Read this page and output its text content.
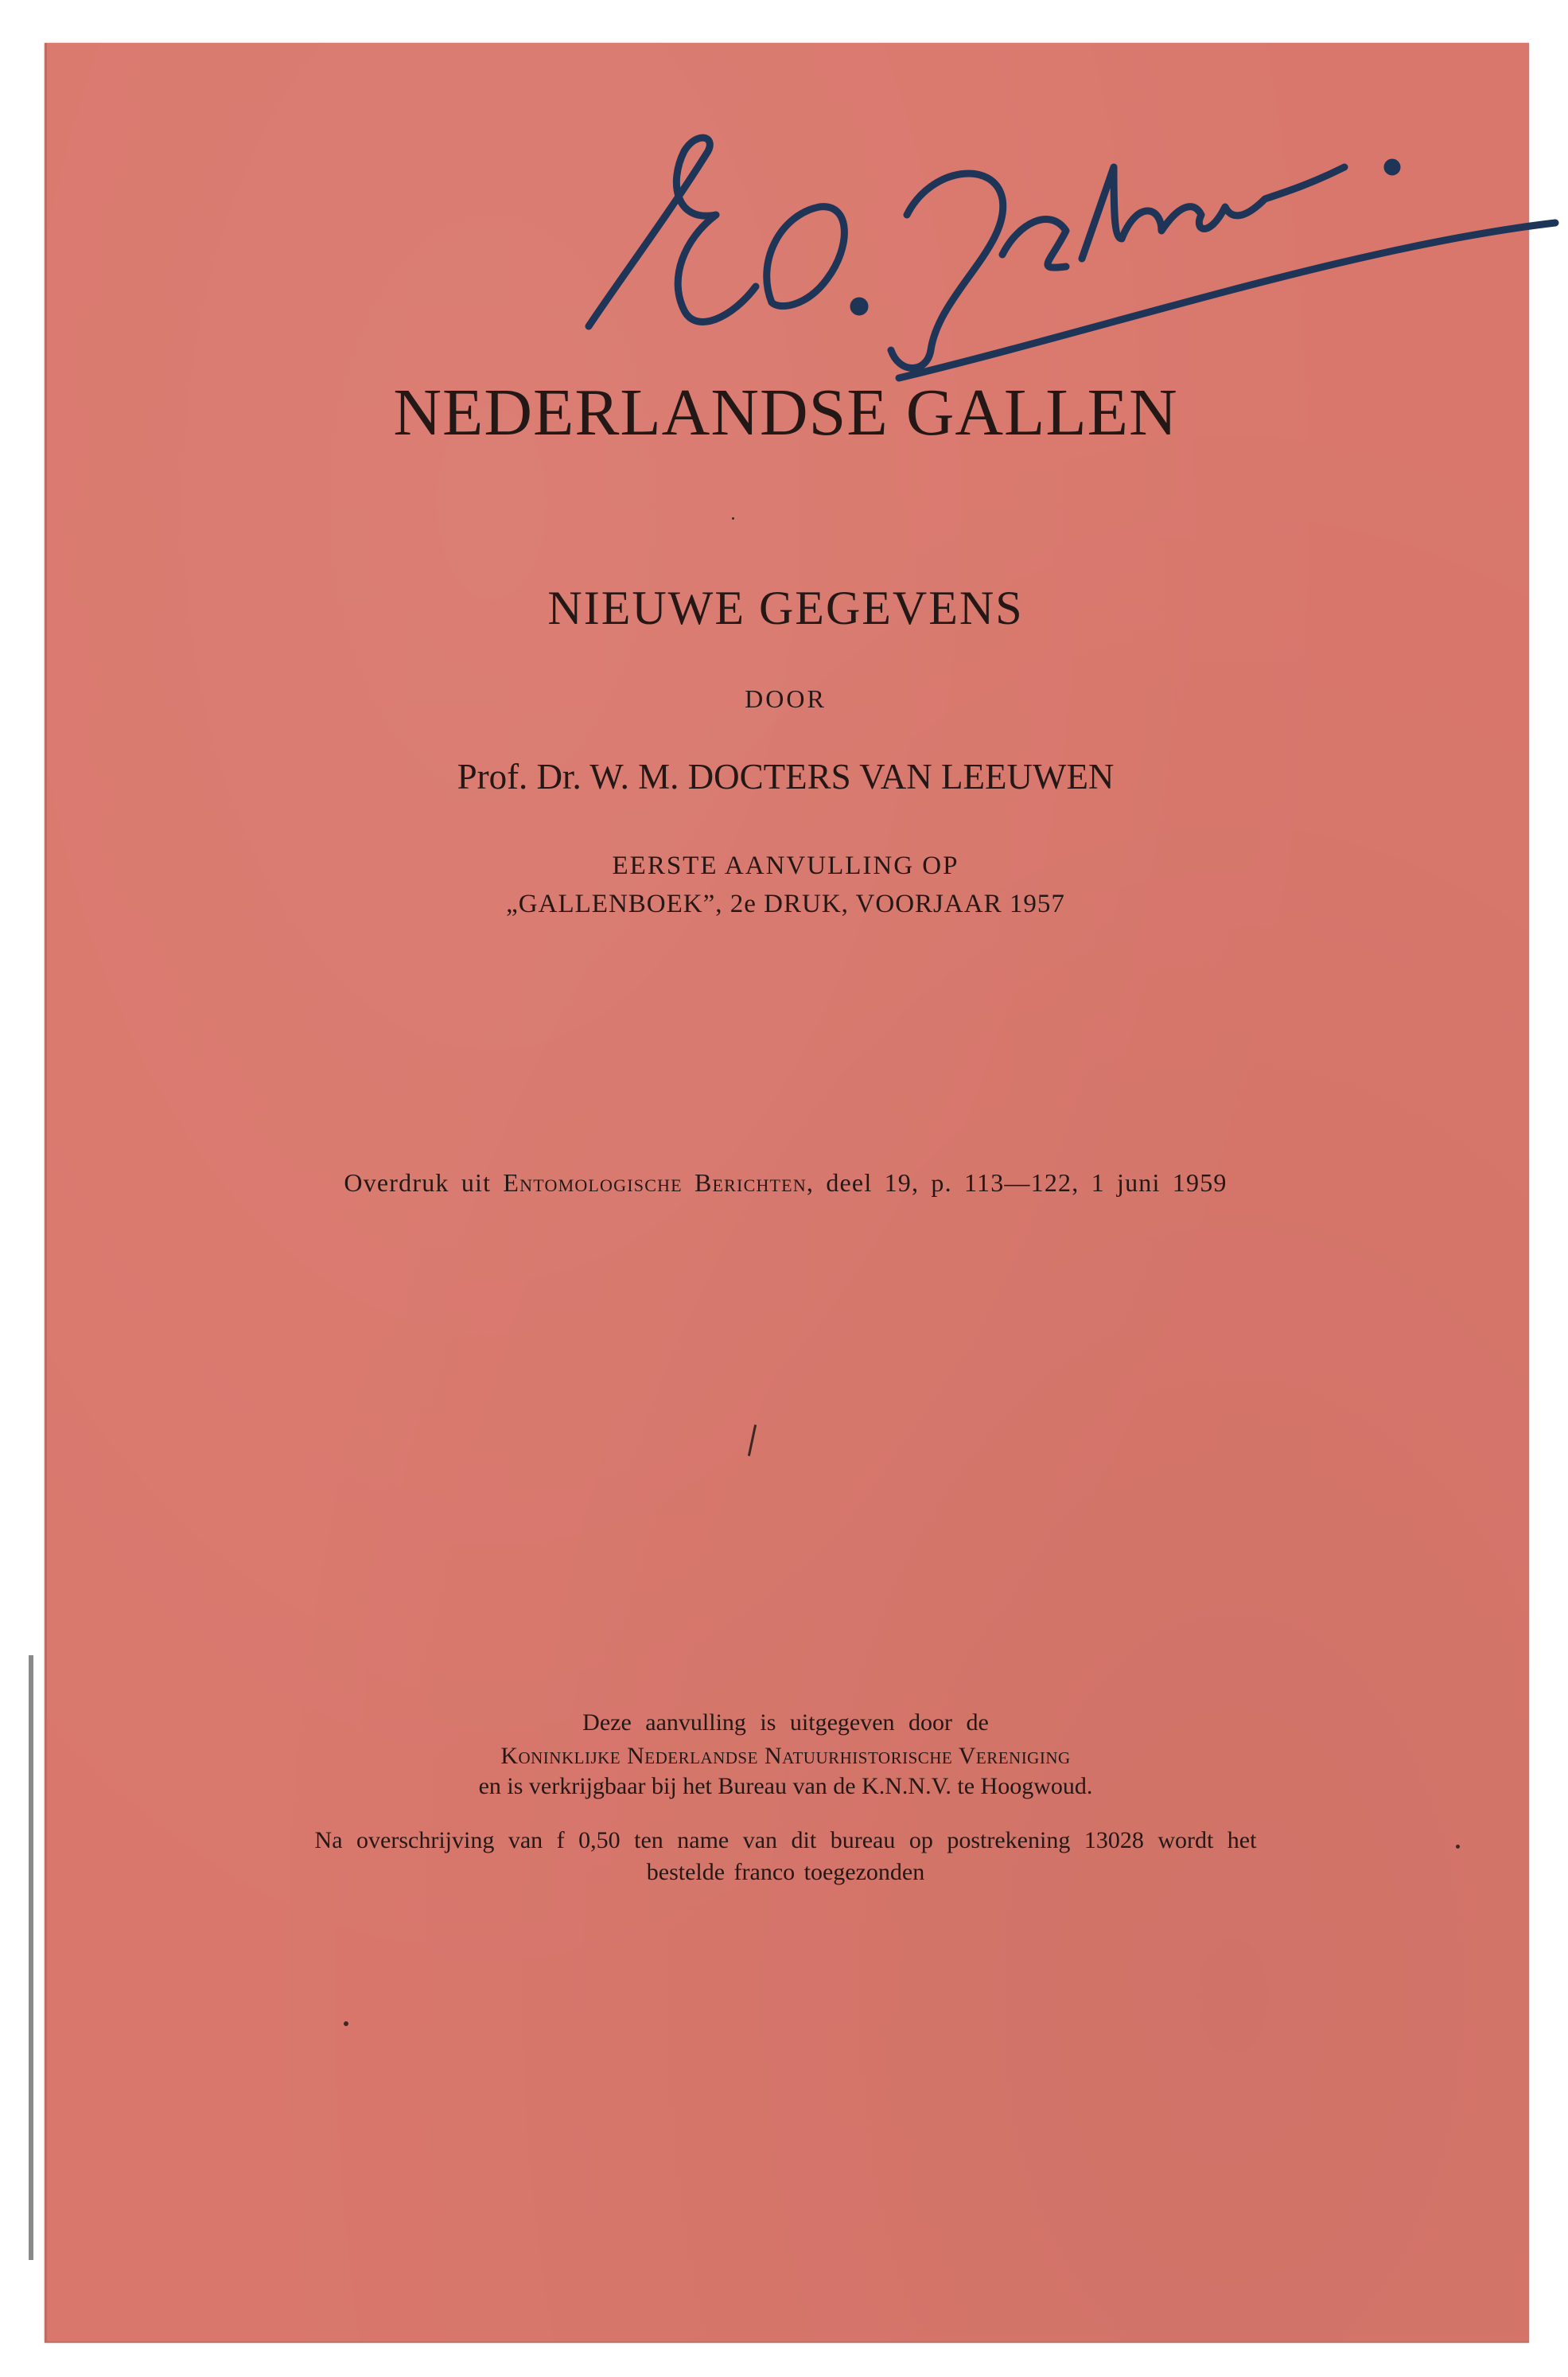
NEDERLANDSE GALLEN
NIEUWE GEGEVENS
DOOR
Prof. Dr. W. M. DOCTERS VAN LEEUWEN
EERSTE AANVULLING OP
„GALLENBOEK”, 2e DRUK, VOORJAAR 1957
Overdruk uit Entomologische Berichten, deel 19, p. 113—122, 1 juni 1959
Deze aanvulling is uitgegeven door de
Koninklijke Nederlandse Natuurhistorische Vereniging
en is verkrijgbaar bij het Bureau van de K.N.N.V. te Hoogwoud.
Na overschrijving van f 0,50 ten name van dit bureau op postrekening 13028 wordt het
bestelde franco toegezonden
